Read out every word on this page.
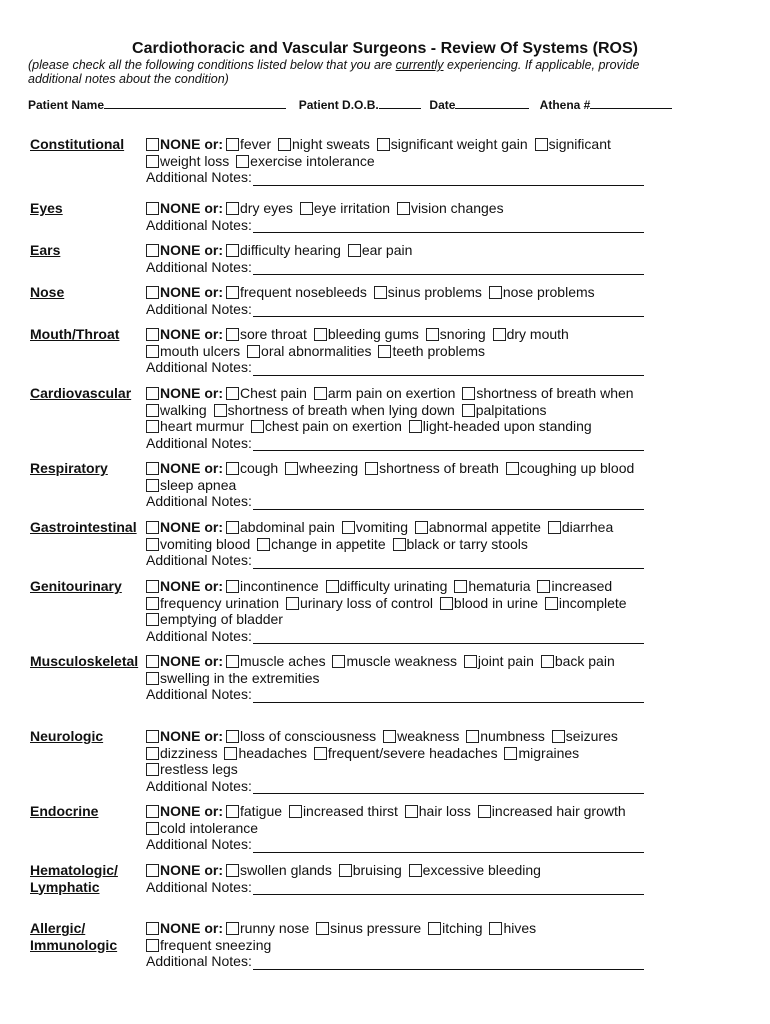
Cardiothoracic and Vascular Surgeons - Review Of Systems (ROS)
(please check all the following conditions listed below that you are currently experiencing. If applicable, provide additional notes about the condition)
Patient Name	Patient D.O.B.	Date	Athena #
Constitutional	NONE or: fever night sweats significant weight gain significant
weight loss exercise intolerance
Additional Notes:
Eyes	NONE or: dry eyes eye irritation vision changes
Additional Notes:
Ears	NONE or: difficulty hearing ear pain
Additional Notes:
Nose	NONE or: frequent nosebleeds sinus problems nose problems
Additional Notes:
Mouth/Throat	NONE or: sore throat bleeding gums snoring dry mouth
mouth ulcers oral abnormalities teeth problems
Additional Notes:
Cardiovascular	NONE or: Chest pain arm pain on exertion shortness of breath when
walking shortness of breath when lying down palpitations
heart murmur chest pain on exertion light-headed upon standing
Additional Notes:
Respiratory	NONE or: cough wheezing shortness of breath coughing up blood
sleep apnea
Additional Notes:
Gastrointestinal	NONE or: abdominal pain vomiting abnormal appetite diarrhea
vomiting blood change in appetite black or tarry stools
Additional Notes:
Genitourinary	NONE or: incontinence difficulty urinating hematuria increased
frequency urination urinary loss of control blood in urine incomplete
emptying of bladder
Additional Notes:
Musculoskeletal	NONE or: muscle aches muscle weakness joint pain back pain
swelling in the extremities
Additional Notes:
Neurologic	NONE or: loss of consciousness weakness numbness seizures
dizziness headaches frequent/severe headaches migraines
restless legs
Additional Notes:
Endocrine	NONE or: fatigue increased thirst hair loss increased hair growth
cold intolerance
Additional Notes:
Hematologic/
Lymphatic
NONE or: swollen glands bruising excessive bleeding
Additional Notes:
Allergic/
Immunologic
NONE or: runny nose sinus pressure itching hives
frequent sneezing
Additional Notes:
